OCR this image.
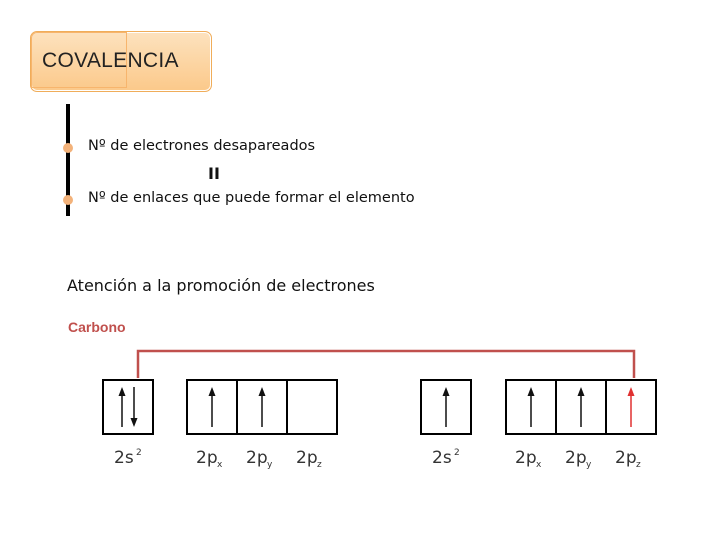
COVALENCIA
Nº de electrones desapareados
II
Nº de enlaces que puede formar el elemento
Atención a la promoción de electrones
Carbono
2s 2	2p x 2p y 2p z	2s 2	2p x 2p y 2p z
